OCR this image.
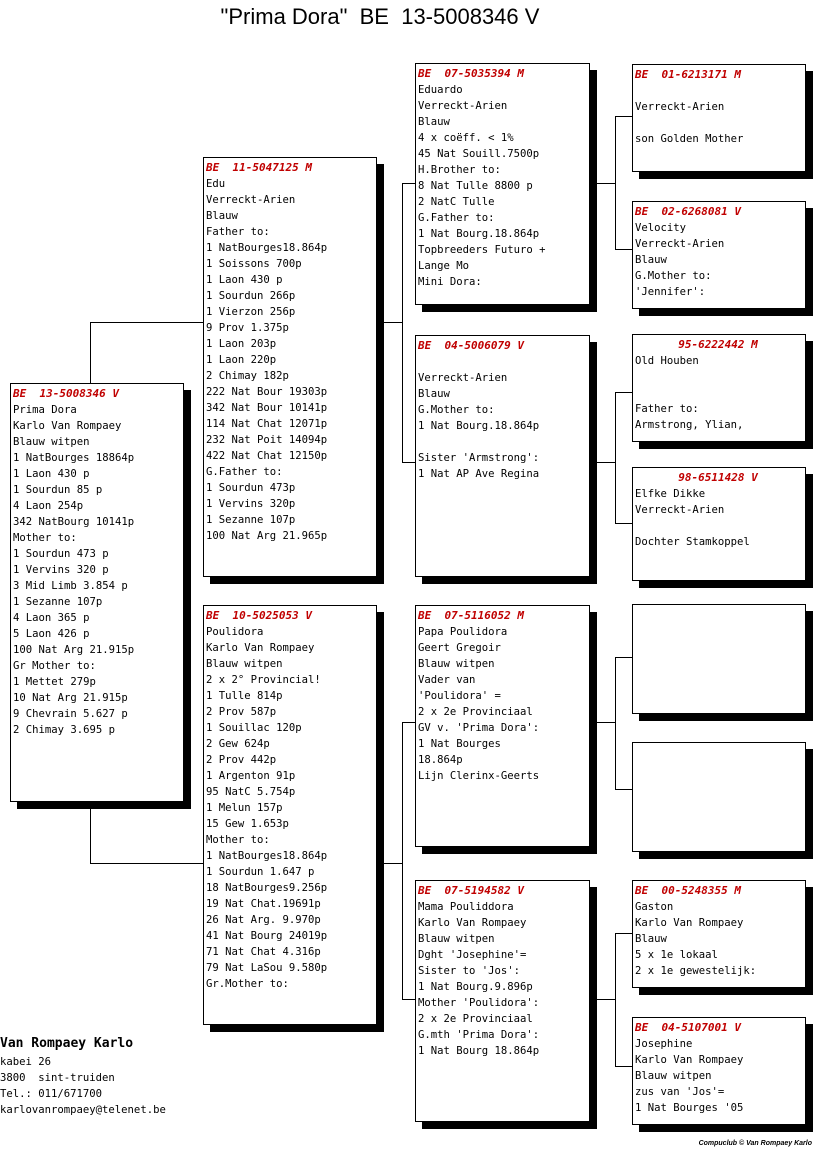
"Prima Dora"  BE  13-5008346 V
BE  13-5008346 V
Prima Dora
Karlo Van Rompaey
Blauw witpen
1 NatBourges 18864p
1 Laon 430 p
1 Sourdun 85 p
4 Laon 254p
342 NatBourg 10141p
Mother to:
1 Sourdun 473 p
1 Vervins 320 p
3 Mid Limb 3.854 p
1 Sezanne 107p
4 Laon 365 p
5 Laon 426 p
100 Nat Arg 21.915p
Gr Mother to:
1 Mettet 279p
10 Nat Arg 21.915p
9 Chevrain 5.627 p
2 Chimay 3.695 p
BE  11-5047125 M
Edu
Verreckt-Arien
Blauw
Father to:
1 NatBourges18.864p
1 Soissons 700p
1 Laon 430 p
1 Sourdun 266p
1 Vierzon 256p
9 Prov 1.375p
1 Laon 203p
1 Laon 220p
2 Chimay 182p
222 Nat Bour 19303p
342 Nat Bour 10141p
114 Nat Chat 12071p
232 Nat Poit 14094p
422 Nat Chat 12150p
G.Father to:
1 Sourdun 473p
1 Vervins 320p
1 Sezanne 107p
100 Nat Arg 21.965p
BE  10-5025053 V
Poulidora
Karlo Van Rompaey
Blauw witpen
2 x 2° Provincial!
1 Tulle 814p
2 Prov 587p
1 Souillac 120p
2 Gew 624p
2 Prov 442p
1 Argenton 91p
95 NatC 5.754p
1 Melun 157p
15 Gew 1.653p
Mother to:
1 NatBourges18.864p
1 Sourdun 1.647 p
18 NatBourges9.256p
19 Nat Chat.19691p
26 Nat Arg. 9.970p
41 Nat Bourg 24019p
71 Nat Chat 4.316p
79 Nat LaSou 9.580p
Gr.Mother to:
BE  07-5035394 M
Eduardo
Verreckt-Arien
Blauw
4 x coëff. < 1%
45 Nat Souill.7500p
H.Brother to:
8 Nat Tulle 8800 p
2 NatC Tulle
G.Father to:
1 Nat Bourg.18.864p
Topbreeders Futuro +
Lange Mo
Mini Dora:
BE  04-5006079 V
Verreckt-Arien
Blauw
G.Mother to:
1 Nat Bourg.18.864p
Sister 'Armstrong':
1 Nat AP Ave Regina
BE  07-5116052 M
Papa Poulidora
Geert Gregoir
Blauw witpen
Vader van
'Poulidora' =
2 x 2e Provinciaal
GV v. 'Prima Dora':
1 Nat Bourges
18.864p
Lijn Clerinx-Geerts
BE  07-5194582 V
Mama Pouliddora
Karlo Van Rompaey
Blauw witpen
Dght 'Josephine'=
Sister to 'Jos':
1 Nat Bourg.9.896p
Mother 'Poulidora':
2 x 2e Provinciaal
G.mth 'Prima Dora':
1 Nat Bourg 18.864p
BE  01-6213171 M
Verreckt-Arien
son Golden Mother
BE  02-6268081 V
Velocity
Verreckt-Arien
Blauw
G.Mother to:
'Jennifer':
95-6222442 M
Old Houben
Father to:
Armstrong, Ylian,
98-6511428 V
Elfke Dikke
Verreckt-Arien
Dochter Stamkoppel
BE  00-5248355 M
Gaston
Karlo Van Rompaey
Blauw
5 x 1e lokaal
2 x 1e gewestelijk:
BE  04-5107001 V
Josephine
Karlo Van Rompaey
Blauw witpen
zus van 'Jos'=
1 Nat Bourges '05
Van Rompaey Karlo
kabei 26
3800  sint-truiden
Tel.: 011/671700
karlovanrompaey@telenet.be
Compuclub © Van Rompaey Karlo
